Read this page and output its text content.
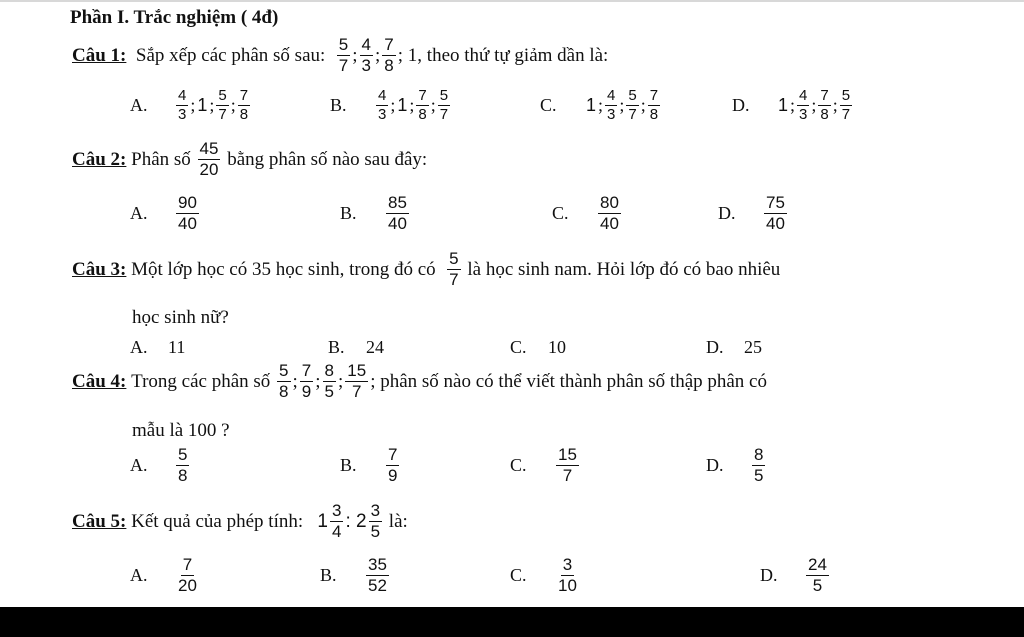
Phần I. Trắc nghiệm ( 4đ)
Câu 1:
Sắp xếp các phân số sau:
$\frac{5}{7}$ ; $\frac{4}{3}$ ; $\frac{7}{8}$ ; 1, theo thứ tự giảm dần là:
A.	$\frac{4}{3}$ ; 1 ; $\frac{5}{7}$ ; $\frac{7}{8}$	B.	$\frac{4}{3}$ ; 1 ; $\frac{7}{8}$ ; $\frac{5}{7}$	C.	1 ; $\frac{4}{3}$ ; $\frac{5}{7}$ ; $\frac{7}{8}$	D.	1 ; $\frac{4}{3}$ ; $\frac{7}{8}$ ; $\frac{5}{7}$
Câu 2:
Phân số
$\frac{45}{20}$
bằng phân số nào sau đây:
A.	$\frac{90}{40}$	B.	$\frac{85}{40}$	C.	$\frac{80}{40}$	D.	$\frac{75}{40}$
Câu 3:
Một lớp học có 35 học sinh, trong đó có
$\frac{5}{7}$
là học sinh nam. Hỏi lớp đó có bao nhiêu
học sinh nữ?
A.	11	B.	24	C.	10	D.	25
Câu 4:
Trong các phân số
$\frac{5}{8}$ ; $\frac{7}{9}$ ; $\frac{8}{5}$ ; $\frac{15}{7}$ ; phân số nào có thể viết thành phân số thập phân có
mẫu là 100 ?
A.	$\frac{5}{8}$	B.	$\frac{7}{9}$	C.	$\frac{15}{7}$	D.	$\frac{8}{5}$
Câu 5:
Kết quả của phép tính:
$1 \frac{3}{4}$ :
$2 \frac{3}{5}$
là:
A.	$\frac{7}{20}$	B.	$\frac{35}{52}$	C.	$\frac{3}{10}$	D.	$\frac{24}{5}$
